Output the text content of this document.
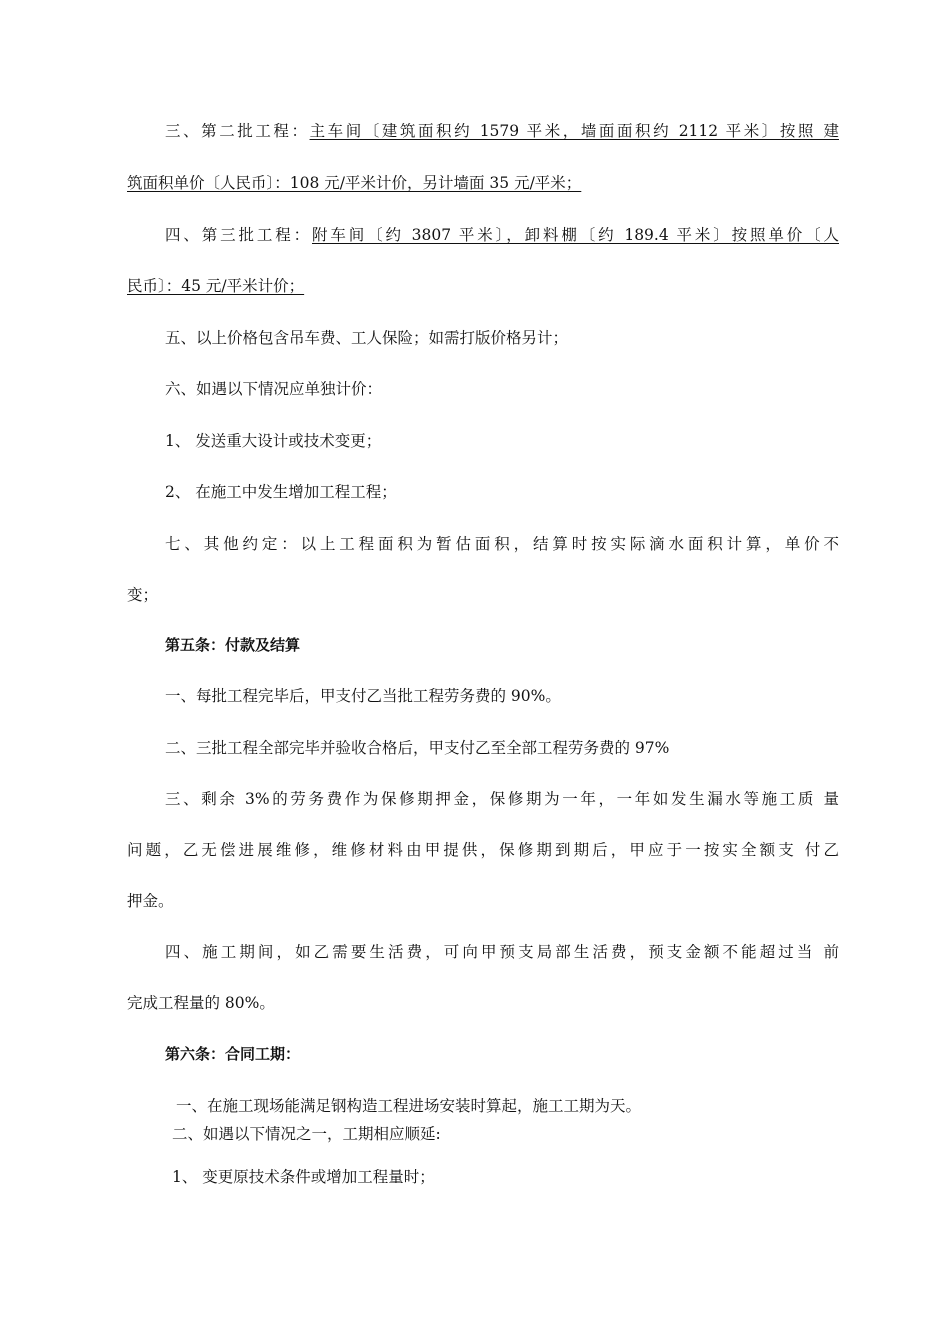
三、第二批工程：主车间〔建筑面积约 1579 平米，墙面面积约 2112 平米〕按照 建
筑面积单价〔人民币〕：108 元/平米计价，另计墙面 35 元/平米；
四、第三批工程：附车间〔约 3807 平米〕，卸料棚〔约 189.4 平米〕按照单价〔人
民币〕：45 元/平米计价；
五、以上价格包含吊车费、工人保险；如需打版价格另计；
六、如遇以下情况应单独计价：
1、 发送重大设计或技术变更；
2、 在施工中发生增加工程工程；
七、其他约定：以上工程面积为暂估面积，结算时按实际滴水面积计算，单价不
变；
第五条：付款及结算
一、每批工程完毕后，甲支付乙当批工程劳务费的 90%。
二、三批工程全部完毕并验收合格后，甲支付乙至全部工程劳务费的 97%
三、剩余 3%的劳务费作为保修期押金，保修期为一年，一年如发生漏水等施工质 量
问题，乙无偿进展维修，维修材料由甲提供，保修期到期后，甲应于一按实全额支 付乙
押金。
四、施工期间，如乙需要生活费，可向甲预支局部生活费，预支金额不能超过当 前
完成工程量的 80%。
第六条：合同工期：
一、在施工现场能满足钢构造工程进场安装时算起，施工工期为天。
二、如遇以下情况之一，工期相应顺延:
1、 变更原技术条件或增加工程量时；
